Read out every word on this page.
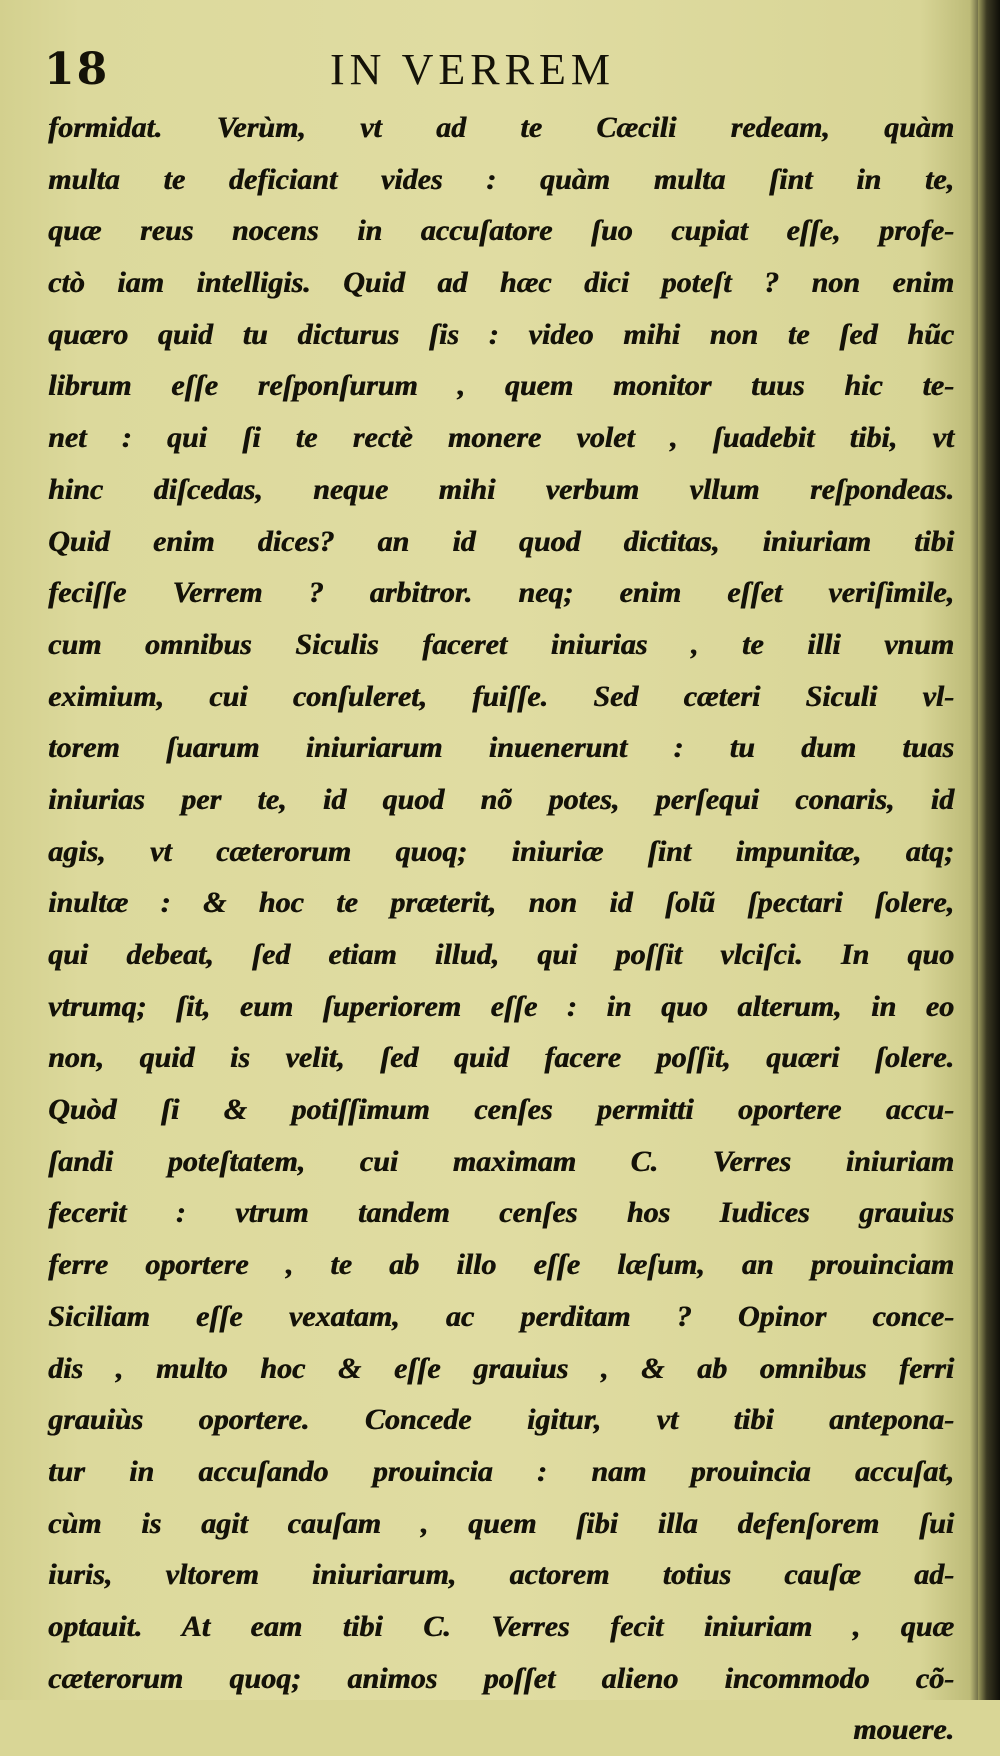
18	IN VERREM
formidat. Verùm, vt ad te Cæcili redeam, quàm
multa te deficiant vides : quàm multa ſint in te,
quæ reus nocens in accuſatore ſuo cupiat eſſe, profe-
ctò iam intelligis. Quid ad hæc dici poteſt ? non enim
quæro quid tu dicturus ſis : video mihi non te ſed hũc
librum eſſe reſponſurum , quem monitor tuus hic te-
net : qui ſi te rectè monere volet , ſuadebit tibi, vt
hinc diſcedas, neque mihi verbum vllum reſpondeas.
Quid enim dices? an id quod dictitas, iniuriam tibi
feciſſe Verrem ? arbitror. neq; enim eſſet veriſimile,
cum omnibus Siculis faceret iniurias , te illi vnum
eximium, cui conſuleret, fuiſſe. Sed cæteri Siculi vl-
torem ſuarum iniuriarum inuenerunt : tu dum tuas
iniurias per te, id quod nõ potes, perſequi conaris, id
agis, vt cæterorum quoq; iniuriæ ſint impunitæ, atq;
inultæ : & hoc te præterit, non id ſolũ ſpectari ſolere,
qui debeat, ſed etiam illud, qui poſſit vlciſci. In quo
vtrumq; ſit, eum ſuperiorem eſſe : in quo alterum, in eo
non, quid is velit, ſed quid facere poſſit, quæri ſolere.
Quòd ſi & potiſſimum cenſes permitti oportere accu-
ſandi poteſtatem, cui maximam C. Verres iniuriam
fecerit : vtrum tandem cenſes hos Iudices grauius
ferre oportere , te ab illo eſſe læſum, an prouinciam
Siciliam eſſe vexatam, ac perditam ? Opinor conce-
dis , multo hoc & eſſe grauius , & ab omnibus ferri
grauiùs oportere. Concede igitur, vt tibi antepona-
tur in accuſando prouincia : nam prouincia accuſat,
cùm is agit cauſam , quem ſibi illa defenſorem ſui
iuris, vltorem iniuriarum, actorem totius cauſæ ad-
optauit. At eam tibi C. Verres fecit iniuriam , quæ
cæterorum quoq; animos poſſet alieno incommodo cõ-
mouere.
